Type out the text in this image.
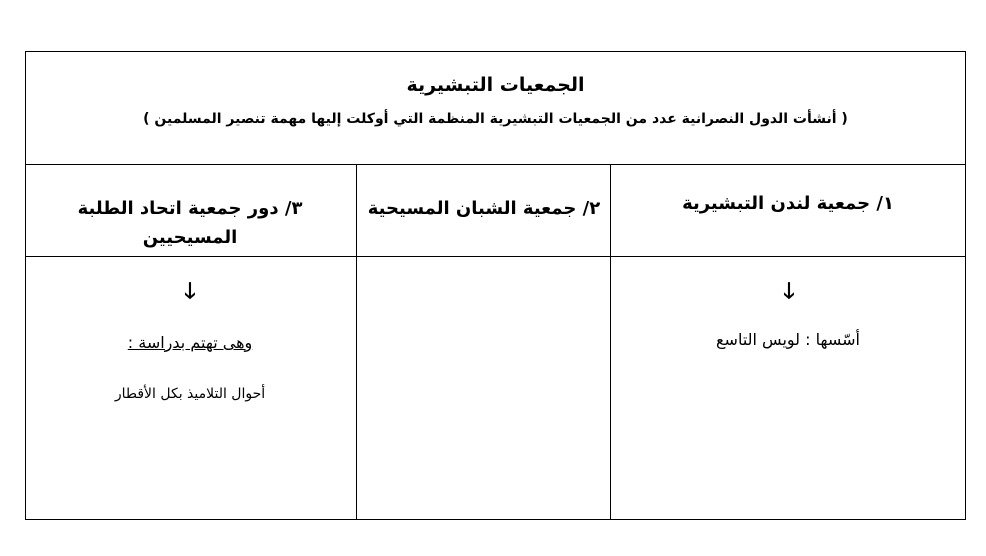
الجمعيات التبشيرية
( أنشأت الدول النصرانية عدد من الجمعيات التبشيرية المنظمة التي أوكلت إليها مهمة تنصير المسلمين )
١/ جمعية لندن التبشيرية
🡓
أسّسها : لويس التاسع
٢/ جمعية الشبان المسيحية
٣/ دور جمعية اتحاد الطلبة المسيحيين
🡓
وهى تهتم بدراسة :
أحوال التلاميذ بكل الأقطار
